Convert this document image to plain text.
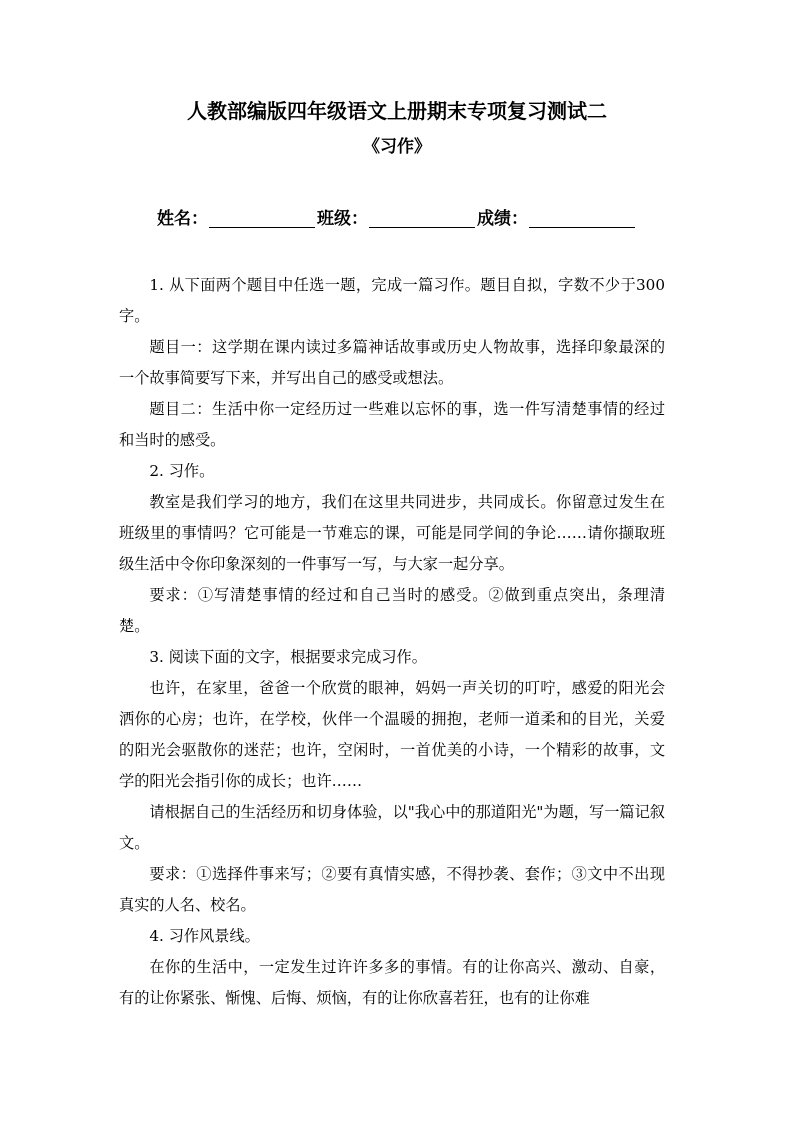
人教部编版四年级语文上册期末专项复习测试二
《习作》
姓名：	班级：	成绩：

1. 从下面两个题目中任选一题，完成一篇习作。题目自拟，字数不少于300字。

题目一：这学期在课内读过多篇神话故事或历史人物故事，选择印象最深的一个故事简要写下来，并写出自己的感受或想法。

题目二：生活中你一定经历过一些难以忘怀的事，选一件写清楚事情的经过和当时的感受。

2. 习作。

教室是我们学习的地方，我们在这里共同进步，共同成长。你留意过发生在班级里的事情吗？它可能是一节难忘的课，可能是同学间的争论……请你撷取班级生活中令你印象深刻的一件事写一写，与大家一起分享。

要求：①写清楚事情的经过和自己当时的感受。②做到重点突出，条理清楚。

3. 阅读下面的文字，根据要求完成习作。

也许，在家里，爸爸一个欣赏的眼神，妈妈一声关切的叮咛，感爱的阳光会洒你的心房；也许，在学校，伙伴一个温暖的拥抱，老师一道柔和的目光，关爱的阳光会驱散你的迷茫；也许，空闲时，一首优美的小诗，一个精彩的故事，文学的阳光会指引你的成长；也许……

请根据自己的生活经历和切身体验，以"我心中的那道阳光"为题，写一篇记叙文。

要求：①选择件事来写；②要有真情实感，不得抄袭、套作；③文中不出现真实的人名、校名。

4. 习作风景线。

在你的生活中，一定发生过许许多多的事情。有的让你高兴、激动、自豪，有的让你紧张、惭愧、后悔、烦恼，有的让你欣喜若狂，也有的让你难
